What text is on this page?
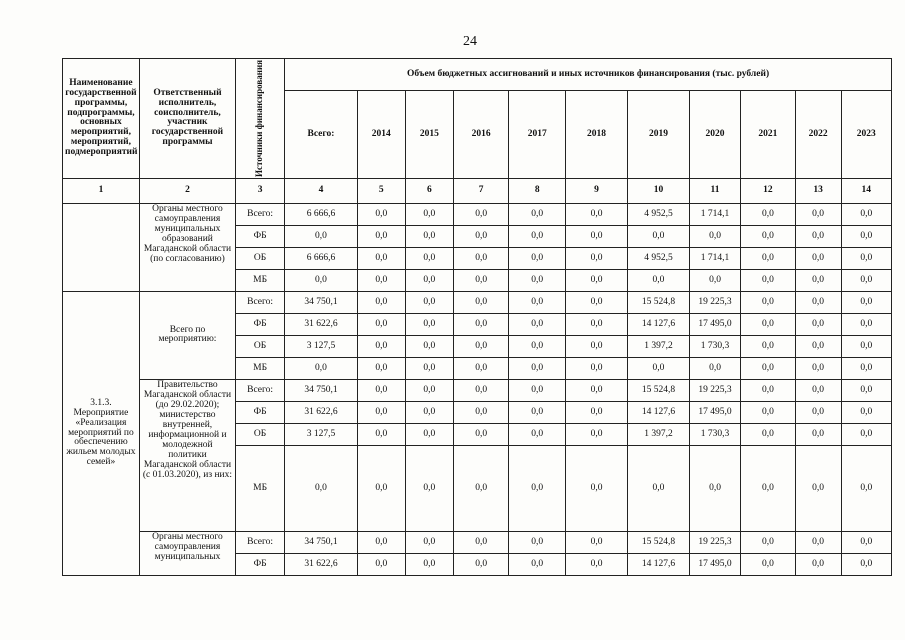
24
Наименование государственной программы, подпрограммы, основных мероприятий, мероприятий, подмероприятий	Ответственный исполнитель, соисполнитель, участник государственной программы	Источники финансирования	Объем бюджетных ассигнований и иных источников финансирования (тыс. рублей)										
			Всего:	2014	2015	2016	2017	2018	2019	2020	2021	2022	2023
1	2	3	4	5	6	7	8	9	10	11	12	13	14
	Органы местного самоуправления муниципальных образований Магаданской области (по согласованию)	Всего:	6 666,6	0,0	0,0	0,0	0,0	0,0	4 952,5	1 714,1	0,0	0,0	0,0
		ФБ	0,0	0,0	0,0	0,0	0,0	0,0	0,0	0,0	0,0	0,0	0,0
		ОБ	6 666,6	0,0	0,0	0,0	0,0	0,0	4 952,5	1 714,1	0,0	0,0	0,0
		МБ	0,0	0,0	0,0	0,0	0,0	0,0	0,0	0,0	0,0	0,0	0,0
3.1.3. Мероприятие «Реализация мероприятий по обеспечению жильем молодых семей»	Всего по мероприятию:	Всего:	34 750,1	0,0	0,0	0,0	0,0	0,0	15 524,8	19 225,3	0,0	0,0	0,0
		ФБ	31 622,6	0,0	0,0	0,0	0,0	0,0	14 127,6	17 495,0	0,0	0,0	0,0
		ОБ	3 127,5	0,0	0,0	0,0	0,0	0,0	1 397,2	1 730,3	0,0	0,0	0,0
		МБ	0,0	0,0	0,0	0,0	0,0	0,0	0,0	0,0	0,0	0,0	0,0
	Правительство Магаданской области (до 29.02.2020); министерство внутренней, информационной и молодежной политики Магаданской области (с 01.03.2020), из них:	Всего:	34 750,1	0,0	0,0	0,0	0,0	0,0	15 524,8	19 225,3	0,0	0,0	0,0
		ФБ	31 622,6	0,0	0,0	0,0	0,0	0,0	14 127,6	17 495,0	0,0	0,0	0,0
		ОБ	3 127,5	0,0	0,0	0,0	0,0	0,0	1 397,2	1 730,3	0,0	0,0	0,0
		МБ	0,0	0,0	0,0	0,0	0,0	0,0	0,0	0,0	0,0	0,0	0,0
	Органы местного самоуправления муниципальных	Всего:	34 750,1	0,0	0,0	0,0	0,0	0,0	15 524,8	19 225,3	0,0	0,0	0,0
		ФБ	31 622,6	0,0	0,0	0,0	0,0	0,0	14 127,6	17 495,0	0,0	0,0	0,0
